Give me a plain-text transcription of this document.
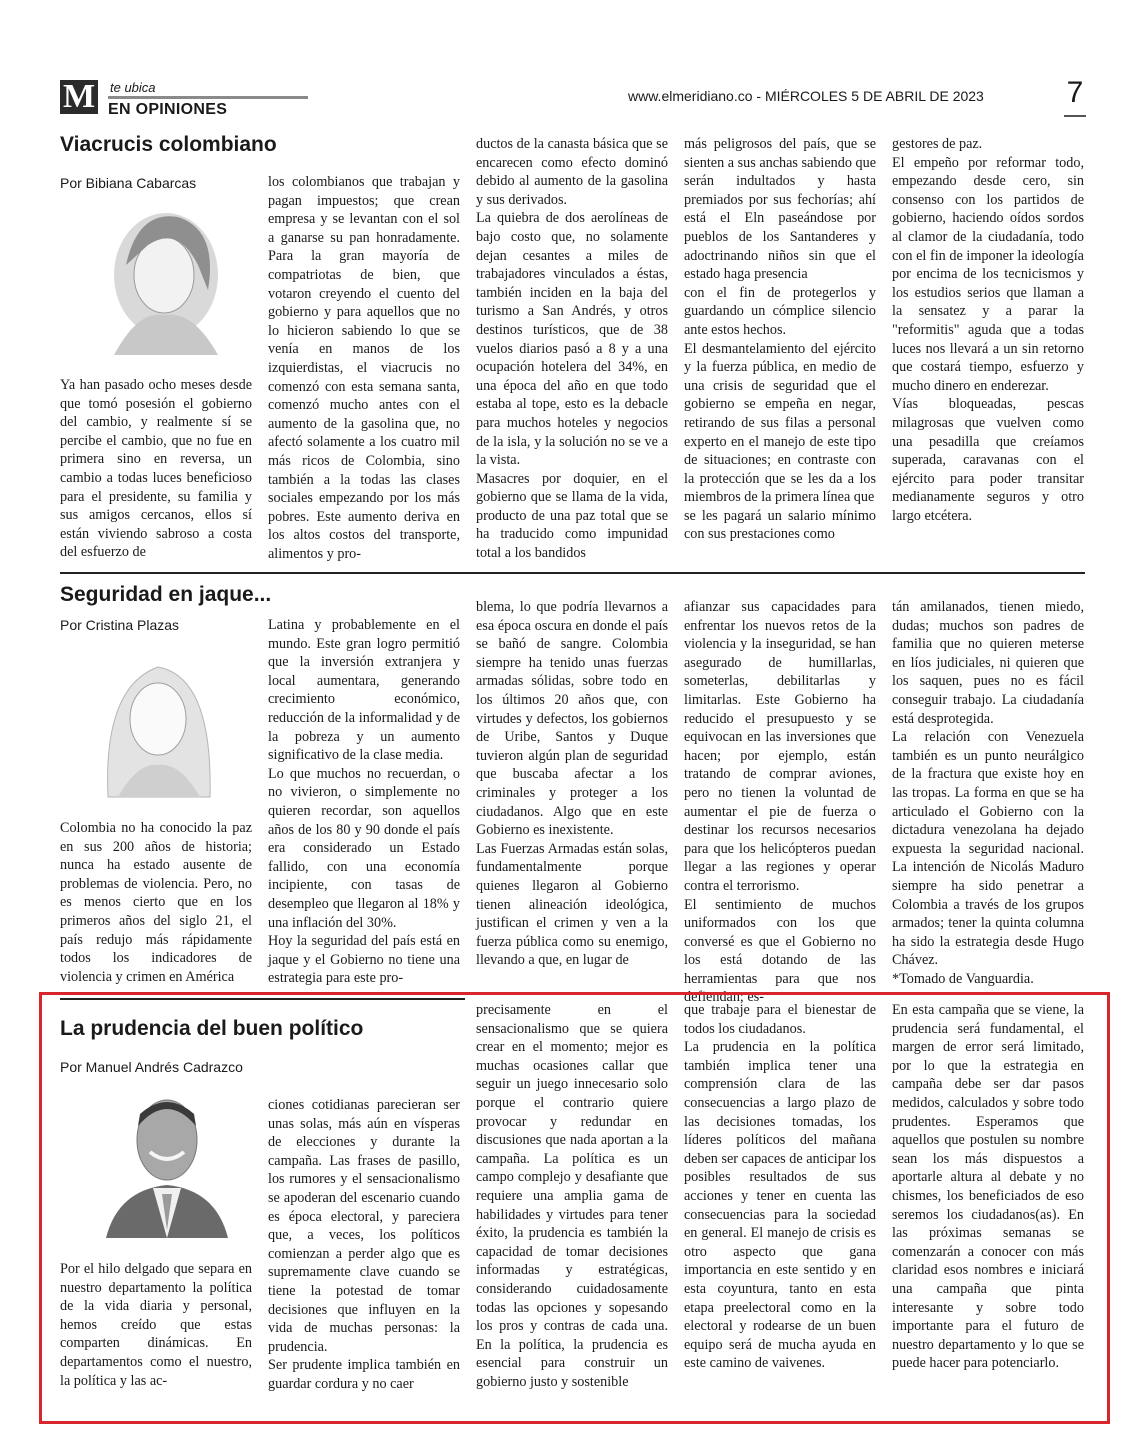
M te ubica
EN OPINIONES
www.elmeridiano.co - MIÉRCOLES 5 DE ABRIL DE 2023	7
Viacrucis colombiano
Por Bibiana Cabarcas

Ya han pasado ocho meses desde que tomó posesión el gobierno del cambio, y realmente sí se percibe el cambio, que no fue en primera sino en reversa, un cambio a todas luces beneficioso para el presidente, su familia y sus amigos cercanos, ellos sí están viviendo sabroso a costa del esfuerzo de

los colombianos que trabajan y pagan impuestos; que crean empresa y se levantan con el sol a ganarse su pan honradamente. Para la gran mayoría de compatriotas de bien, que votaron creyendo el cuento del gobierno y para aquellos que no lo hicieron sabiendo lo que se venía en manos de los izquierdistas, el viacrucis no comenzó con esta semana santa, comenzó mucho antes con el aumento de la gasolina que, no afectó solamente a los cuatro mil más ricos de Colombia, sino también a la todas las clases sociales empezando por los más pobres. Este aumento deriva en los altos costos del transporte, alimentos y pro-

ductos de la canasta básica que se encarecen como efecto dominó debido al aumento de la gasolina y sus derivados.
La quiebra de dos aerolíneas de bajo costo que, no solamente dejan cesantes a miles de trabajadores vinculados a éstas, también inciden en la baja del turismo a San Andrés, y otros destinos turísticos, que de 38 vuelos diarios pasó a 8 y a una ocupación hotelera del 34%, en una época del año en que todo estaba al tope, esto es la debacle para muchos hoteles y negocios de la isla, y la solución no se ve a la vista.
Masacres por doquier, en el gobierno que se llama de la vida, producto de una paz total que se ha traducido como impunidad total a los bandidos

más peligrosos del país, que se sienten a sus anchas sabiendo que serán indultados y hasta premiados por sus fechorías; ahí está el Eln paseándose por pueblos de los Santanderes y adoctrinando niños sin que el estado haga presencia
con el fin de protegerlos y guardando un cómplice silencio ante estos hechos.
El desmantelamiento del ejército y la fuerza pública, en medio de una crisis de seguridad que el gobierno se empeña en negar, retirando de sus filas a personal experto en el manejo de este tipo de situaciones; en contraste con la protección que se les da a los miembros de la primera línea que
se les pagará un salario mínimo con sus prestaciones como

gestores de paz.
El empeño por reformar todo, empezando desde cero, sin consenso con los partidos de gobierno, haciendo oídos sordos al clamor de la ciudadanía, todo con el fin de imponer la ideología por encima de los tecnicismos y los estudios serios que llaman a la sensatez y a parar la "reformitis" aguda que a todas luces nos llevará a un sin retorno que costará tiempo, esfuerzo y mucho dinero en enderezar.
Vías bloqueadas, pescas milagrosas que vuelven como una pesadilla que creíamos superada, caravanas con el ejército para poder transitar medianamente seguros y otro largo etcétera.

Seguridad en jaque...
Por Cristina Plazas

Colombia no ha conocido la paz en sus 200 años de historia; nunca ha estado ausente de problemas de violencia. Pero, no es menos cierto que en los primeros años del siglo 21, el país redujo más rápidamente todos los indicadores de violencia y crimen en América

Latina y probablemente en el mundo. Este gran logro permitió que la inversión extranjera y local aumentara, generando crecimiento económico, reducción de la informalidad y de la pobreza y un aumento significativo de la clase media.
Lo que muchos no recuerdan, o no vivieron, o simplemente no quieren recordar, son aquellos años de los 80 y 90 donde el país era considerado un Estado fallido, con una economía incipiente, con tasas de desempleo que llegaron al 18% y una inflación del 30%.
Hoy la seguridad del país está en jaque y el Gobierno no tiene una estrategia para este pro-

blema, lo que podría llevarnos a esa época oscura en donde el país se bañó de sangre. Colombia siempre ha tenido unas fuerzas armadas sólidas, sobre todo en los últimos 20 años que, con virtudes y defectos, los gobiernos de Uribe, Santos y Duque tuvieron algún plan de seguridad que buscaba afectar a los criminales y proteger a los ciudadanos. Algo que en este Gobierno es inexistente.
Las Fuerzas Armadas están solas, fundamentalmente porque quienes llegaron al Gobierno tienen alineación ideológica, justifican el crimen y ven a la fuerza pública como su enemigo, llevando a que, en lugar de

afianzar sus capacidades para enfrentar los nuevos retos de la violencia y la inseguridad, se han asegurado de humillarlas, someterlas, debilitarlas y limitarlas. Este Gobierno ha reducido el presupuesto y se equivocan en las inversiones que hacen; por ejemplo, están tratando de comprar aviones, pero no tienen la voluntad de aumentar el pie de fuerza o destinar los recursos necesarios para que los helicópteros puedan llegar a las regiones y operar contra el terrorismo.
El sentimiento de muchos uniformados con los que conversé es que el Gobierno no los está dotando de las herramientas para que nos defiendan; es-

tán amilanados, tienen miedo, dudas; muchos son padres de familia que no quieren meterse en líos judiciales, ni quieren que los saquen, pues no es fácil conseguir trabajo. La ciudadanía está desprotegida.
La relación con Venezuela también es un punto neurálgico de la fractura que existe hoy en las tropas. La forma en que se ha articulado el Gobierno con la dictadura venezolana ha dejado expuesta la seguridad nacional. La intención de Nicolás Maduro siempre ha sido penetrar a Colombia a través de los grupos armados; tener la quinta columna ha sido la estrategia desde Hugo Chávez.
*Tomado de Vanguardia.

La prudencia del buen político
Por Manuel Andrés Cadrazco

Por el hilo delgado que separa en nuestro departamento la política de la vida diaria y personal, hemos creído que estas comparten dinámicas. En departamentos como el nuestro, la política y las ac-

ciones cotidianas parecieran ser unas solas, más aún en vísperas de elecciones y durante la campaña. Las frases de pasillo, los rumores y el sensacionalismo se apoderan del escenario cuando es época electoral, y pareciera que, a veces, los políticos comienzan a perder algo que es supremamente clave cuando se tiene la potestad de tomar decisiones que influyen en la vida de muchas personas: la prudencia.
Ser prudente implica también en guardar cordura y no caer

precisamente en el sensacionalismo que se quiera crear en el momento; mejor es muchas ocasiones callar que seguir un juego innecesario solo porque el contrario quiere provocar y redundar en discusiones que nada aportan a la campaña. La política es un campo complejo y desafiante que requiere una amplia gama de habilidades y virtudes para tener éxito, la prudencia es también la capacidad de tomar decisiones informadas y estratégicas, considerando cuidadosamente todas las opciones y sopesando los pros y contras de cada una. En la política, la prudencia es esencial para construir un gobierno justo y sostenible

que trabaje para el bienestar de todos los ciudadanos.
La prudencia en la política también implica tener una comprensión clara de las consecuencias a largo plazo de las decisiones tomadas, los líderes políticos del mañana deben ser capaces de anticipar los posibles resultados de sus acciones y tener en cuenta las consecuencias para la sociedad en general. El manejo de crisis es otro aspecto que gana importancia en este sentido y en esta coyuntura, tanto en esta etapa preelectoral como en la electoral y rodearse de un buen equipo será de mucha ayuda en este camino de vaivenes.

En esta campaña que se viene, la prudencia será fundamental, el margen de error será limitado, por lo que la estrategia en campaña debe ser dar pasos medidos, calculados y sobre todo prudentes. Esperamos que aquellos que postulen su nombre sean los más dispuestos a aportarle altura al debate y no chismes, los beneficiados de eso seremos los ciudadanos(as). En las próximas semanas se comenzarán a conocer con más claridad esos nombres e iniciará una campaña que pinta interesante y sobre todo importante para el futuro de nuestro departamento y lo que se puede hacer para potenciarlo.
